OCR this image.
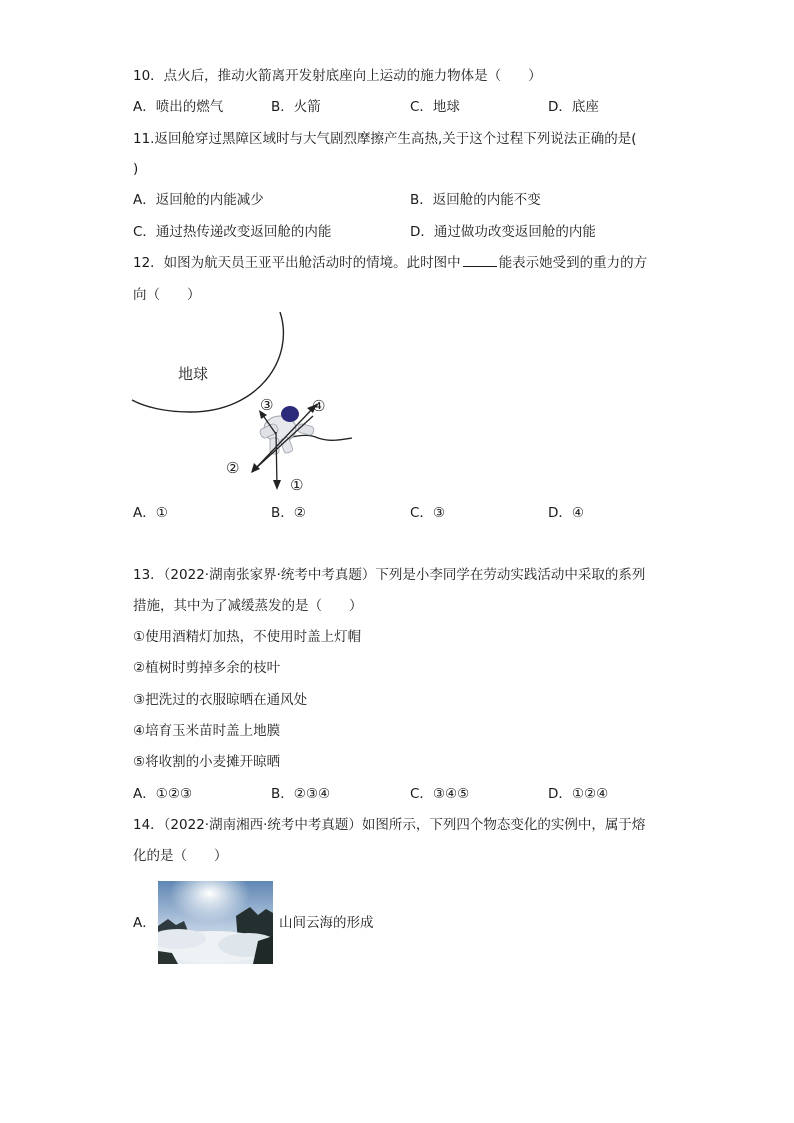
10．点火后，推动火箭离开发射底座向上运动的施力物体是（　　）
A．喷出的燃气	B．火箭	C．地球	D．底座
11.返回舱穿过黑障区域时与大气剧烈摩擦产生高热,关于这个过程下列说法正确的是(
)
A．返回舱的内能减少	B．返回舱的内能不变
C．通过热传递改变返回舱的内能	D．通过做功改变返回舱的内能
12．如图为航天员王亚平出舱活动时的情境。此时图中	能表示她受到的重力的方
向（　　）
地球
①
②
③	④
A．①	B．②	C．③	D．④
13．（2022·湖南张家界·统考中考真题）下列是小李同学在劳动实践活动中采取的系列
措施，其中为了减缓蒸发的是（　　）
①使用酒精灯加热，不使用时盖上灯帽
②植树时剪掉多余的枝叶
③把洗过的衣服晾晒在通风处
④培育玉米苗时盖上地膜
⑤将收割的小麦摊开晾晒
A．①②③	B．②③④	C．③④⑤	D．①②④
14．（2022·湖南湘西·统考中考真题）如图所示，下列四个物态变化的实例中，属于熔
化的是（　　）
A．	山间云海的形成
